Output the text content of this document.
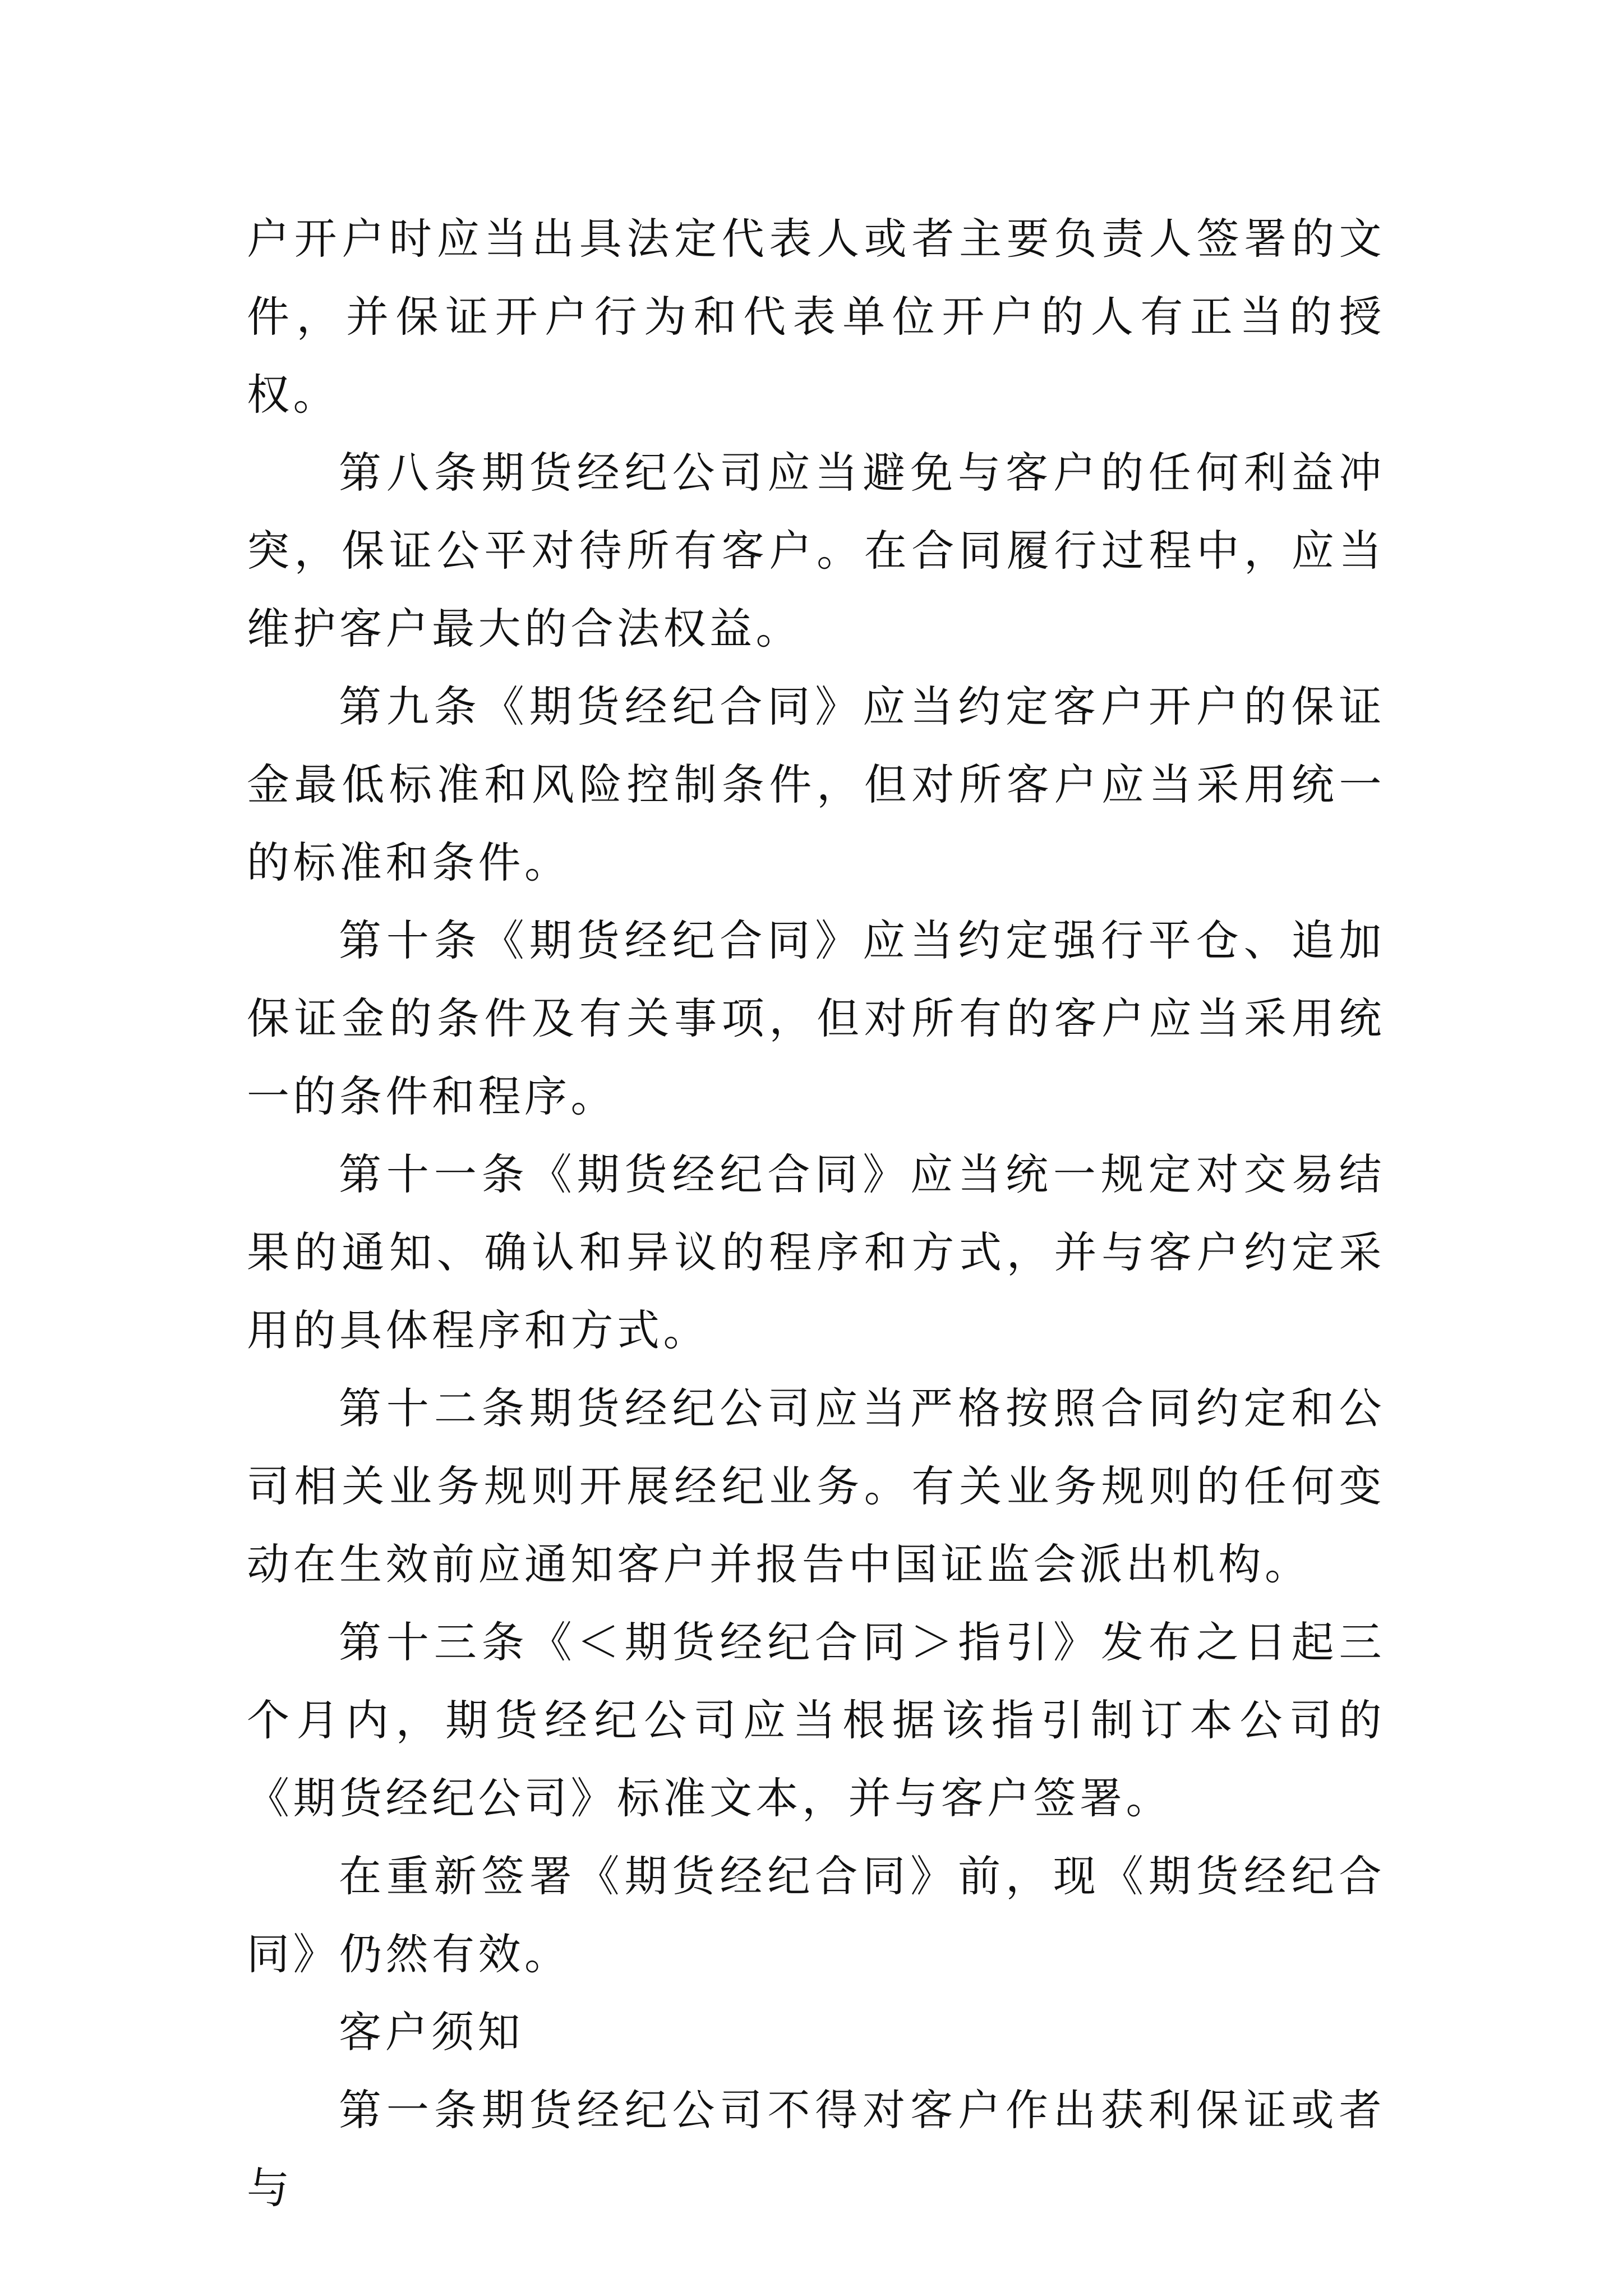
户开户时应当出具法定代表人或者主要负责人签署的文件，并保证开户行为和代表单位开户的人有正当的授权。

第八条期货经纪公司应当避免与客户的任何利益冲突，保证公平对待所有客户。在合同履行过程中，应当维护客户最大的合法权益。

第九条《期货经纪合同》应当约定客户开户的保证金最低标准和风险控制条件，但对所客户应当采用统一的标准和条件。

第十条《期货经纪合同》应当约定强行平仓、追加保证金的条件及有关事项，但对所有的客户应当采用统一的条件和程序。

第十一条《期货经纪合同》应当统一规定对交易结果的通知、确认和异议的程序和方式，并与客户约定采用的具体程序和方式。

第十二条期货经纪公司应当严格按照合同约定和公司相关业务规则开展经纪业务。有关业务规则的任何变动在生效前应通知客户并报告中国证监会派出机构。

第十三条《＜期货经纪合同＞指引》发布之日起三个月内，期货经纪公司应当根据该指引制订本公司的《期货经纪公司》标准文本，并与客户签署。

在重新签署《期货经纪合同》前，现《期货经纪合同》仍然有效。

客户须知

第一条期货经纪公司不得对客户作出获利保证或者与
